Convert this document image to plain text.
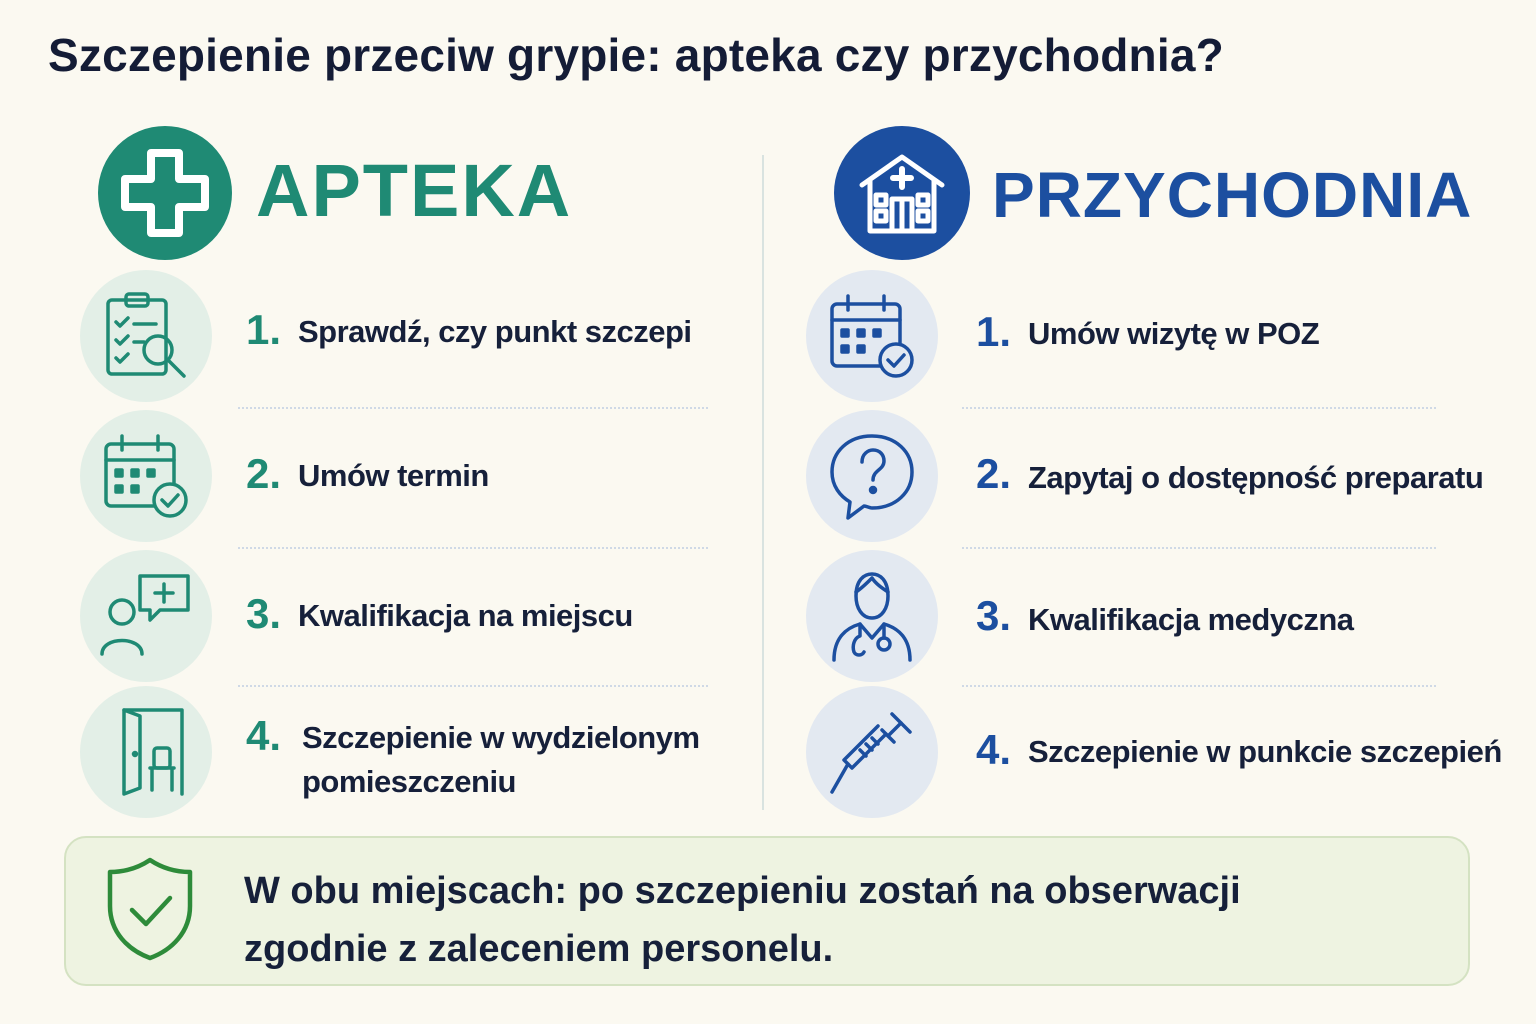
Szczepienie przeciw grypie: apteka czy przychodnia?
APTEKA	PRZYCHODNIA
1. Sprawdź, czy punkt szczepi
2. Umów termin
3. Kwalifikacja na miejscu
4. Szczepienie w wydzielonym
pomieszczeniu
1. Umów wizytę w POZ
2. Zapytaj o dostępność preparatu
3. Kwalifikacja medyczna
4. Szczepienie w punkcie szczepień
W obu miejscach: po szczepieniu zostań na obserwacji
zgodnie z zaleceniem personelu.
